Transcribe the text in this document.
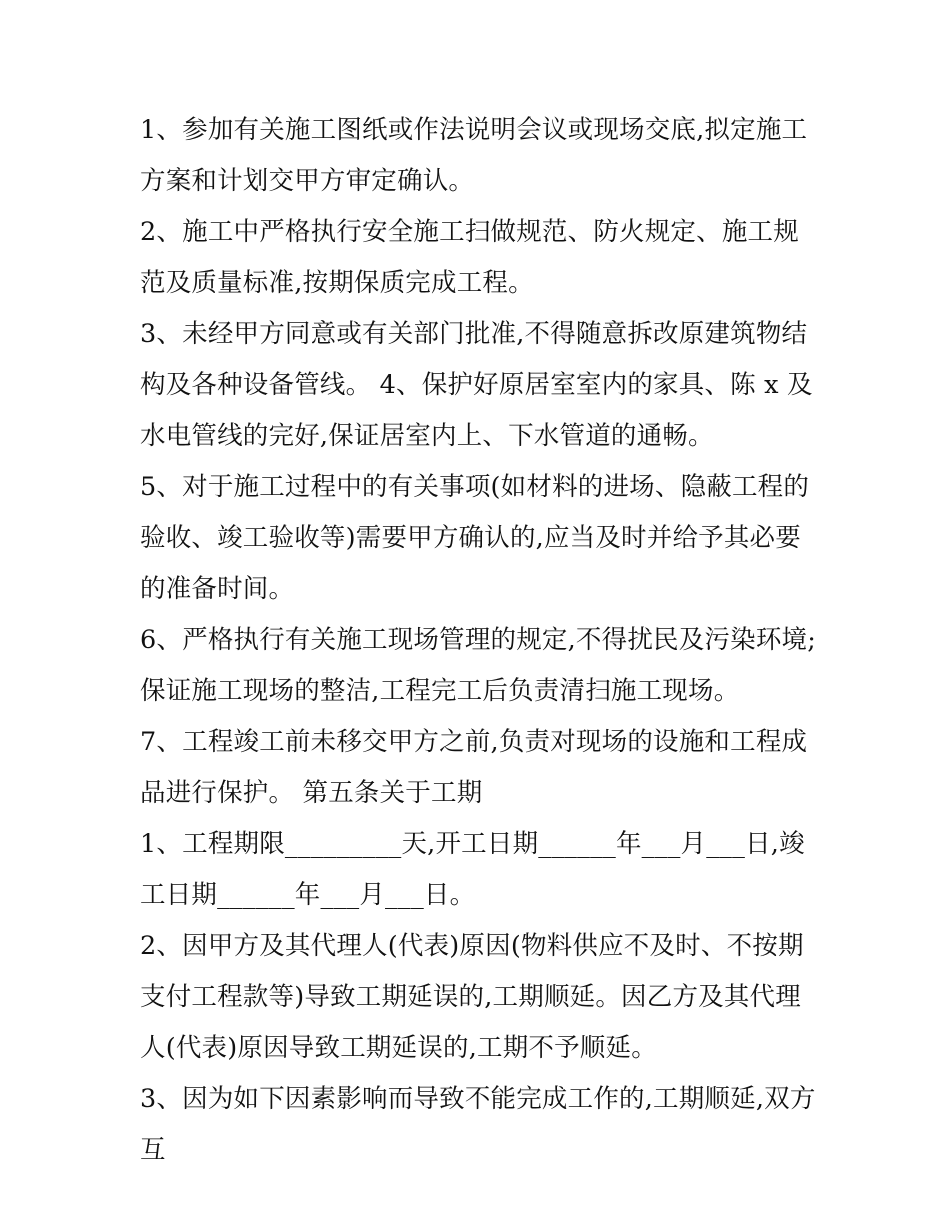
1、参加有关施工图纸或作法说明会议或现场交底,拟定施工方案和计划交甲方审定确认。

2、施工中严格执行安全施工扫做规范、防火规定、施工规范及质量标准,按期保质完成工程。

3、未经甲方同意或有关部门批准,不得随意拆改原建筑物结构及各种设备管线。 4、保护好原居室室内的家具、陈 x 及水电管线的完好,保证居室内上、下水管道的通畅。

5、对于施工过程中的有关事项(如材料的进场、隐蔽工程的验收、竣工验收等)需要甲方确认的,应当及时并给予其必要的准备时间。

6、严格执行有关施工现场管理的规定,不得扰民及污染环境;保证施工现场的整洁,工程完工后负责清扫施工现场。

7、工程竣工前未移交甲方之前,负责对现场的设施和工程成品进行保护。 第五条关于工期

1、工程期限_________天,开工日期______年___月___日,竣工日期______年___月___日。

2、因甲方及其代理人(代表)原因(物料供应不及时、不按期支付工程款等)导致工期延误的,工期顺延。因乙方及其代理人(代表)原因导致工期延误的,工期不予顺延。

3、因为如下因素影响而导致不能完成工作的,工期顺延,双方互
